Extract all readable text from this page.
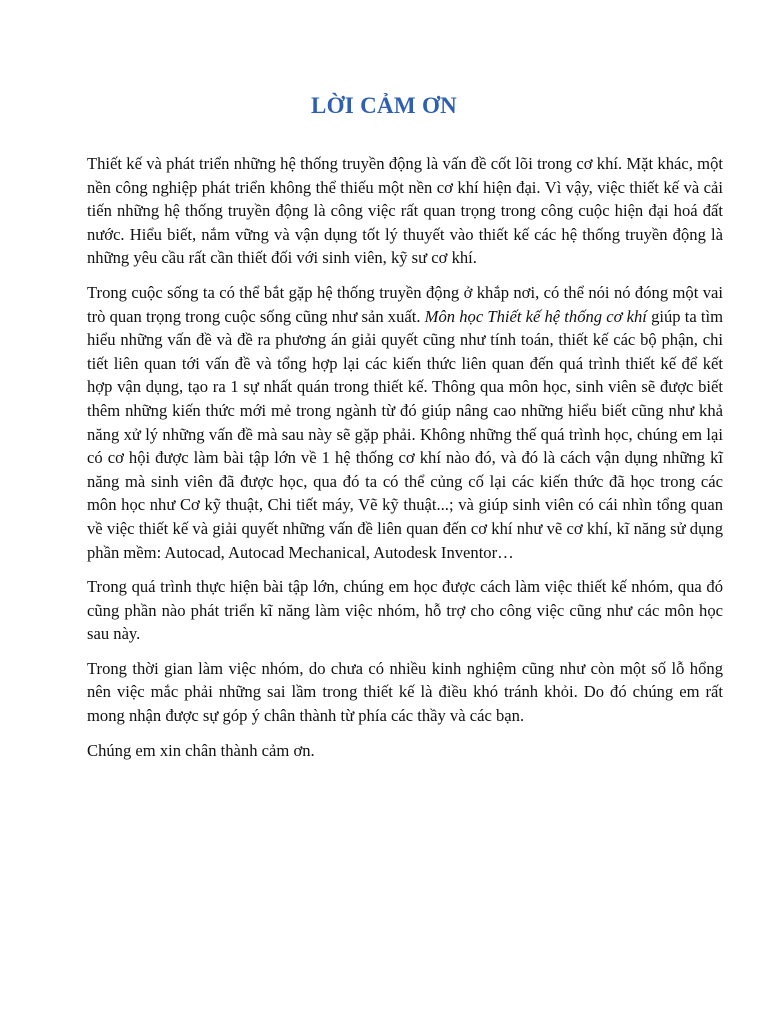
LỜI CẢM ƠN

Thiết kế và phát triển những hệ thống truyền động là vấn đề cốt lõi trong cơ khí. Mặt khác, một nền công nghiệp phát triển không thể thiếu một nền cơ khí hiện đại. Vì vậy, việc thiết kế và cải tiến những hệ thống truyền động là công việc rất quan trọng trong công cuộc hiện đại hoá đất nước. Hiểu biết, nắm vững và vận dụng tốt lý thuyết vào thiết kế các hệ thống truyền động là những yêu cầu rất cần thiết đối với sinh viên, kỹ sư cơ khí.

Trong cuộc sống ta có thể bắt gặp hệ thống truyền động ở khắp nơi, có thể nói nó đóng một vai trò quan trọng trong cuộc sống cũng như sản xuất. Môn học Thiết kế hệ thống cơ khí giúp ta tìm hiểu những vấn đề và đề ra phương án giải quyết cũng như tính toán, thiết kế các bộ phận, chi tiết liên quan tới vấn đề và tổng hợp lại các kiến thức liên quan đến quá trình thiết kế để kết hợp vận dụng, tạo ra 1 sự nhất quán trong thiết kế. Thông qua môn học, sinh viên sẽ được biết thêm những kiến thức mới mẻ trong ngành từ đó giúp nâng cao những hiểu biết cũng như khả năng xử lý những vấn đề mà sau này sẽ gặp phải. Không những thế quá trình học, chúng em lại có cơ hội được làm bài tập lớn về 1 hệ thống cơ khí nào đó, và đó là cách vận dụng những kĩ năng mà sinh viên đã được học, qua đó ta có thể củng cố lại các kiến thức đã học trong các môn học như Cơ kỹ thuật, Chi tiết máy, Vẽ kỹ thuật...; và giúp sinh viên có cái nhìn tổng quan về việc thiết kế và giải quyết những vấn đề liên quan đến cơ khí như vẽ cơ khí, kĩ năng sử dụng phần mềm: Autocad, Autocad Mechanical, Autodesk Inventor…

Trong quá trình thực hiện bài tập lớn, chúng em học được cách làm việc thiết kế nhóm, qua đó cũng phần nào phát triển kĩ năng làm việc nhóm, hỗ trợ cho công việc cũng như các môn học sau này.

Trong thời gian làm việc nhóm, do chưa có nhiều kinh nghiệm cũng như còn một số lỗ hổng nên việc mắc phải những sai lầm trong thiết kế là điều khó tránh khỏi. Do đó chúng em rất mong nhận được sự góp ý chân thành từ phía các thầy và các bạn.

Chúng em xin chân thành cảm ơn.
